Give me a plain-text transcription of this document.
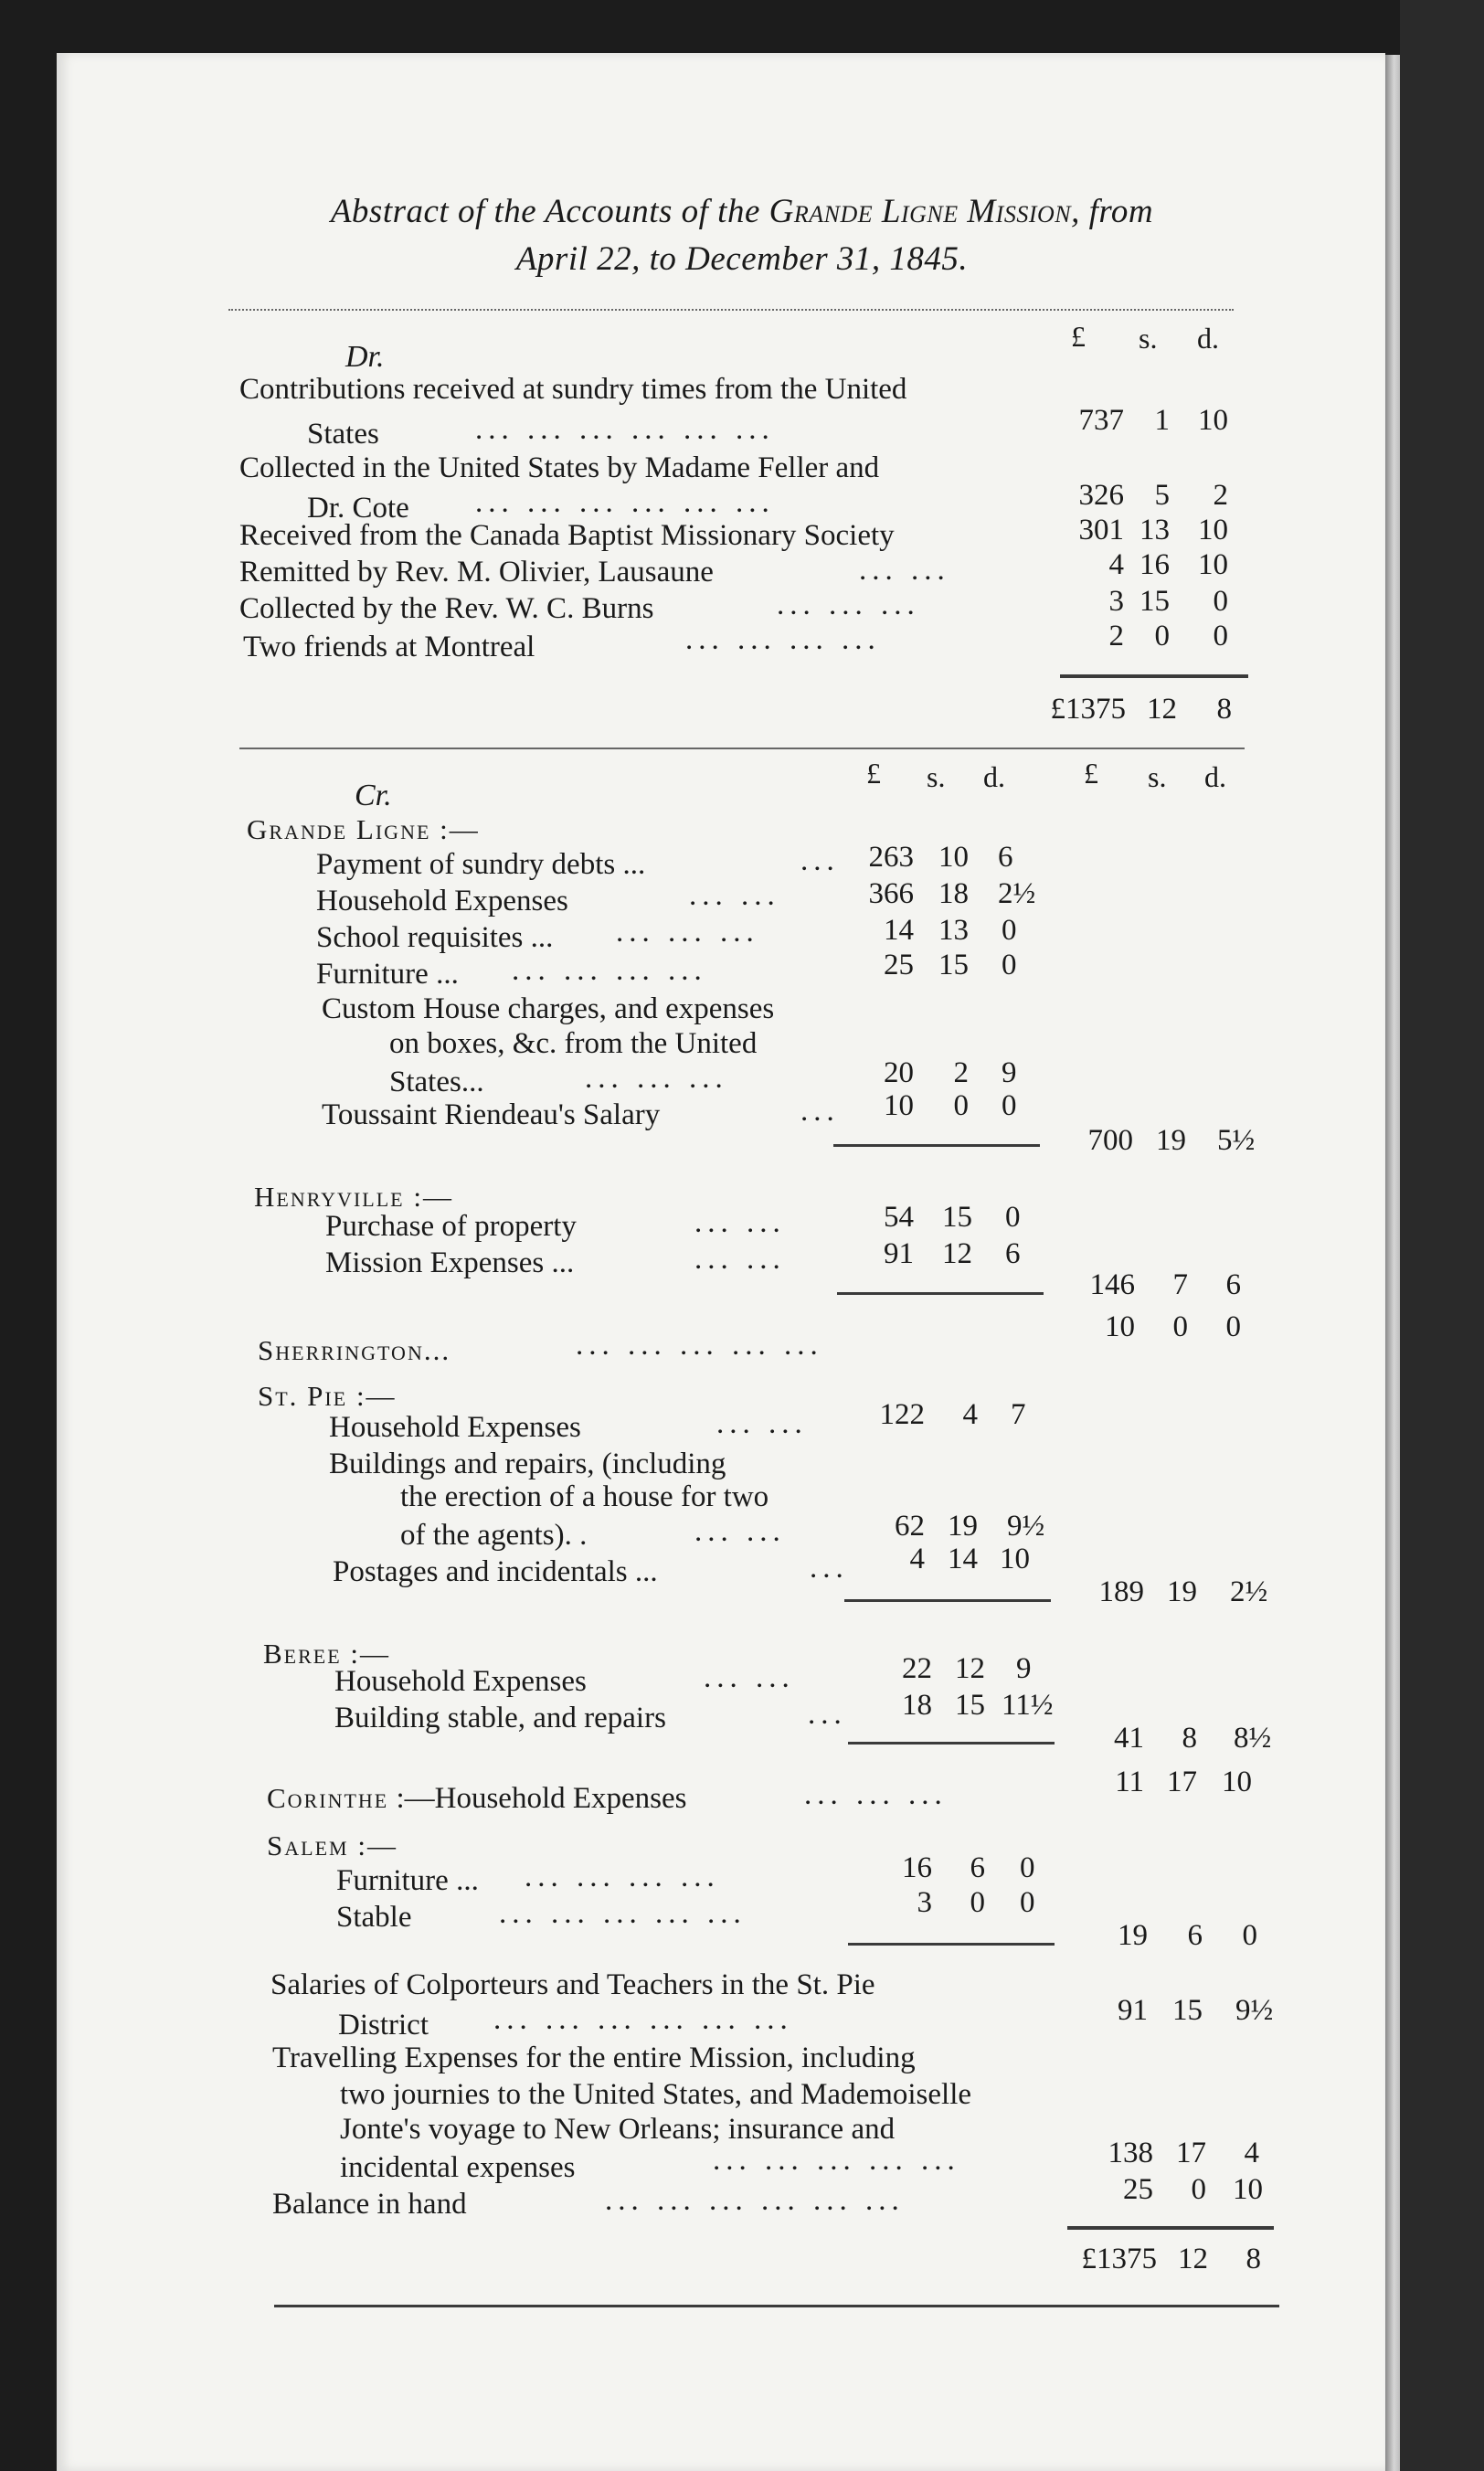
Abstract of the Accounts of the Grande Ligne Mission, from
April 22, to December 31, 1845.
Dr.
£ s. d.
Contributions received at sundry times from the United
States	... ... ... ... ... ...	737	1 10
Collected in the United States by Madame Feller and
Dr. Cote ... ... ... ... ... ...	326	5	2
Received from the Canada Baptist Missionary Society	301 13 10
Remitted by Rev. M. Olivier, Lausaune	... ...	4 16 10
Collected by the Rev. W. C. Burns	... ... ...	3 15	0
Two friends at Montreal	... ... ... ...	2	0	0
£1375 12	8
Cr.
£ s. d.	£ s. d.
Grande Ligne :—
Payment of sundry debts ...	... 263 10 6
Household Expenses	... ...	366 18 2½
School requisites ... ... ... ...	14 13 0
Furniture ... ... ... ... ...	25 15 0
Custom House charges, and expenses
on boxes, &c. from the United
States...	... ... ...	20	2 9
Toussaint Riendeau's Salary	...	10	0 0
700 19 5½
Henryville :—
Purchase of property	... ...	54 15 0
Mission Expenses ...	... ...	91 12 6
146	7	6
Sherrington...	... ... ... ... ...
10	0	0
St. Pie :—
Household Expenses	... ...	122	4 7
Buildings and repairs, (including
the erection of a house for two
of the agents). .	... ...	62 19 9½
Postages and incidentals ...	...	4 14 10
189 19 2½
Beree :—
Household Expenses	... ...	22 12 9
Building stable, and repairs	...	18 15 11½
41	8 8½
Corinthe :—Household Expenses	... ... ...	11 17 10
Salem :—
Furniture ... ... ... ... ...	16	6 0
Stable	... ... ... ... ...	3	0 0
19	6	0
Salaries of Colporteurs and Teachers in the St. Pie
District ... ... ... ... ... ...	91 15 9½
Travelling Expenses for the entire Mission, including
two journies to the United States, and Mademoiselle
Jonte's voyage to New Orleans; insurance and
incidental expenses	... ... ... ... ...	138 17	4
Balance in hand	... ... ... ... ... ...	25	0 10
£1375 12	8
